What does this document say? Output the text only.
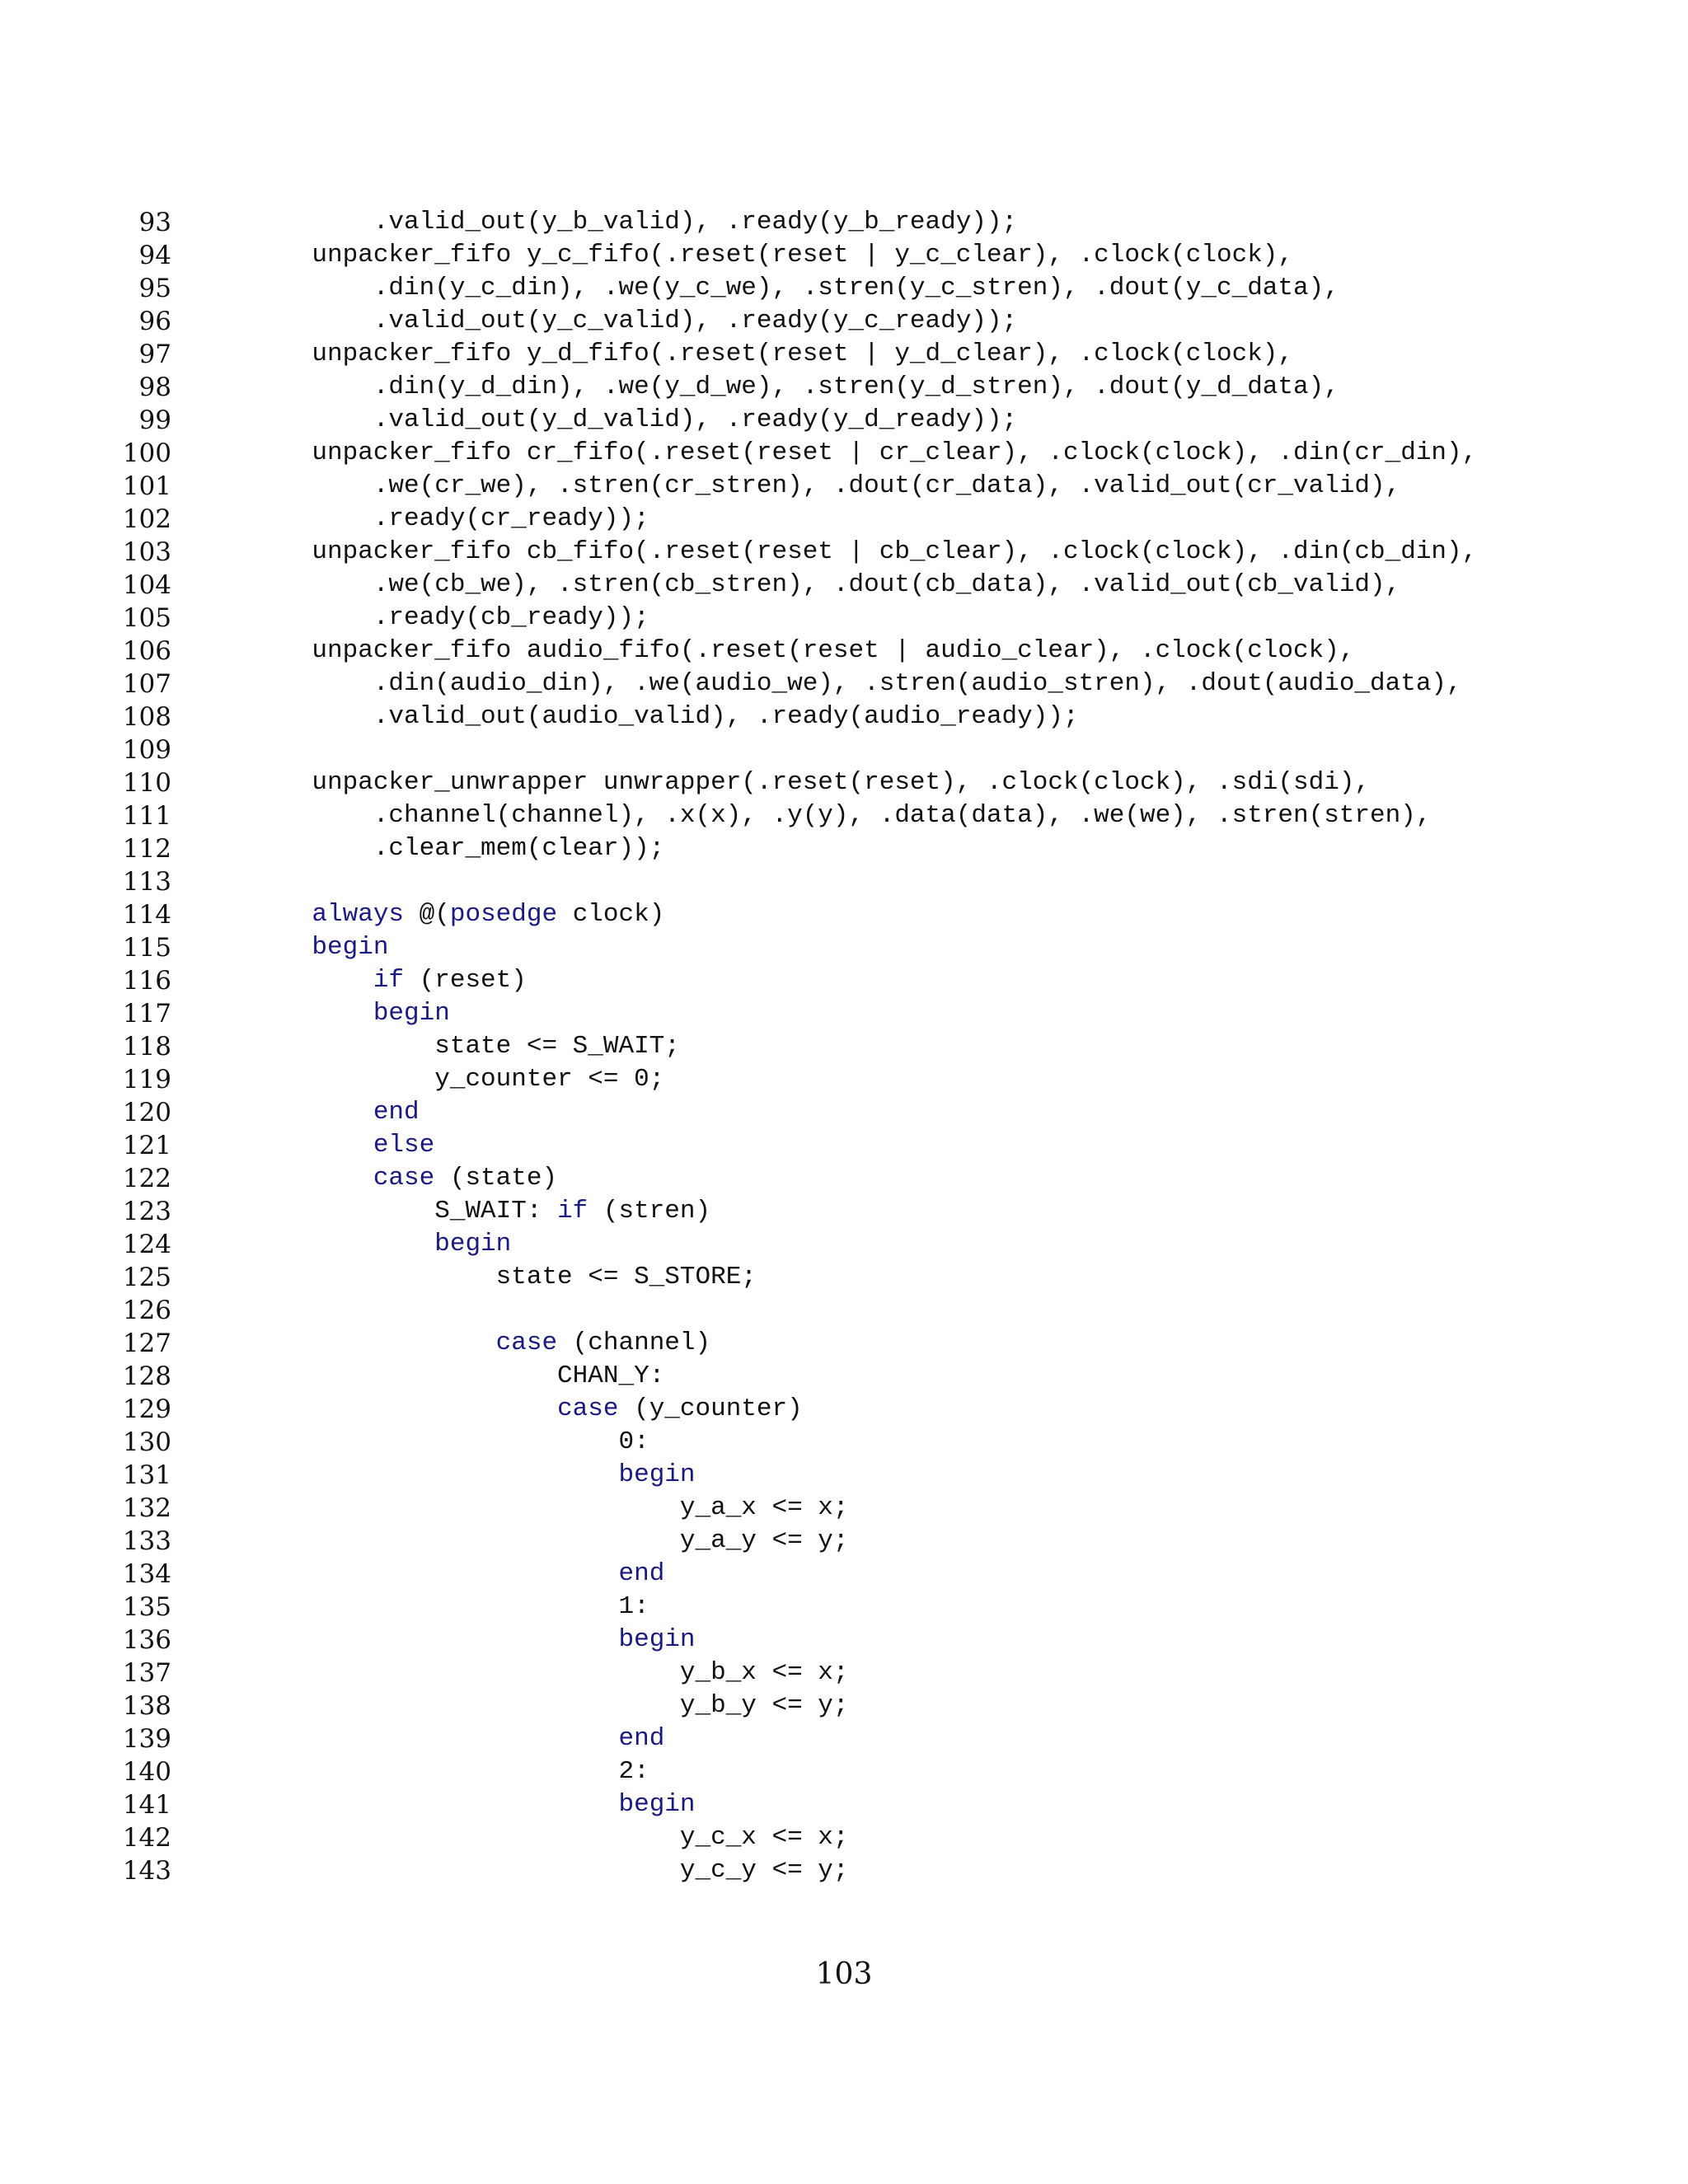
93	.valid_out(y_b_valid), .ready(y_b_ready));
94	unpacker_fifo y_c_fifo(.reset(reset | y_c_clear), .clock(clock),
95	.din(y_c_din), .we(y_c_we), .stren(y_c_stren), .dout(y_c_data),
96	.valid_out(y_c_valid), .ready(y_c_ready));
97	unpacker_fifo y_d_fifo(.reset(reset | y_d_clear), .clock(clock),
98	.din(y_d_din), .we(y_d_we), .stren(y_d_stren), .dout(y_d_data),
99	.valid_out(y_d_valid), .ready(y_d_ready));
100	unpacker_fifo cr_fifo(.reset(reset | cr_clear), .clock(clock), .din(cr_din),
101	.we(cr_we), .stren(cr_stren), .dout(cr_data), .valid_out(cr_valid),
102	.ready(cr_ready));
103	unpacker_fifo cb_fifo(.reset(reset | cb_clear), .clock(clock), .din(cb_din),
104	.we(cb_we), .stren(cb_stren), .dout(cb_data), .valid_out(cb_valid),
105	.ready(cb_ready));
106	unpacker_fifo audio_fifo(.reset(reset | audio_clear), .clock(clock),
107	.din(audio_din), .we(audio_we), .stren(audio_stren), .dout(audio_data),
108	.valid_out(audio_valid), .ready(audio_ready));
109
110	unpacker_unwrapper unwrapper(.reset(reset), .clock(clock), .sdi(sdi),
111	.channel(channel), .x(x), .y(y), .data(data), .we(we), .stren(stren),
112	.clear_mem(clear));
113
114	always @(posedge clock)
115	begin
116	if (reset)
117	begin
118	state <= S_WAIT;
119	y_counter <= 0;
120	end
121	else
122	case (state)
123	S_WAIT: if (stren)
124	begin
125	state <= S_STORE;
126
127	case (channel)
128	CHAN_Y:
129	case (y_counter)
130	0:
131	begin
132	y_a_x <= x;
133	y_a_y <= y;
134	end
135	1:
136	begin
137	y_b_x <= x;
138	y_b_y <= y;
139	end
140	2:
141	begin
142	y_c_x <= x;
143	y_c_y <= y;
103
